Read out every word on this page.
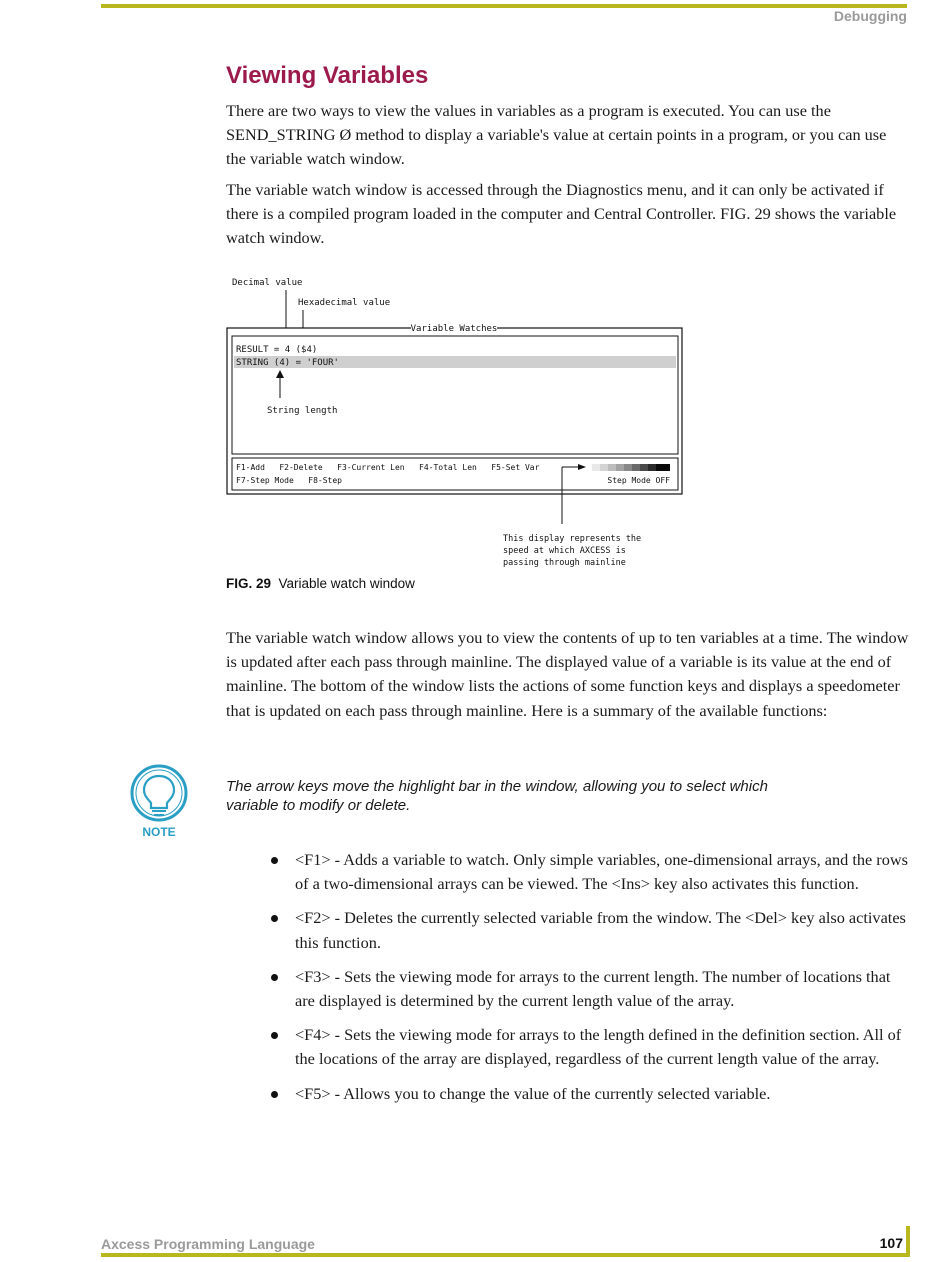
Debugging
Viewing Variables

There are two ways to view the values in variables as a program is executed. You can use the SEND_STRING Ø method to display a variable's value at certain points in a program, or you can use the variable watch window.

The variable watch window is accessed through the Diagnostics menu, and it can only be activated if there is a compiled program loaded in the computer and Central Controller. FIG. 29 shows the variable watch window.

Decimal value
Hexadecimal value
Variable Watches
RESULT = 4 ($4)
STRING (4) = 'FOUR'
String length
F1-Add   F2-Delete   F3-Current Len   F4-Total Len   F5-Set Var
F7-Step Mode   F8-Step	Step Mode OFF
This display represents the
speed at which AXCESS is
passing through mainline
FIG. 29 Variable watch window

The variable watch window allows you to view the contents of up to ten variables at a time. The window is updated after each pass through mainline. The displayed value of a variable is its value at the end of mainline. The bottom of the window lists the actions of some function keys and displays a speedometer that is updated on each pass through mainline. Here is a summary of the available functions:

NOTE

The arrow keys move the highlight bar in the window, allowing you to select which variable to modify or delete.

<F1> - Adds a variable to watch. Only simple variables, one-dimensional arrays, and the rows of a two-dimensional arrays can be viewed. The <Ins> key also activates this function.
<F2> - Deletes the currently selected variable from the window. The <Del> key also activates this function.
<F3> - Sets the viewing mode for arrays to the current length. The number of locations that are displayed is determined by the current length value of the array.
<F4> - Sets the viewing mode for arrays to the length defined in the definition section. All of the locations of the array are displayed, regardless of the current length value of the array.
<F5> - Allows you to change the value of the currently selected variable.
Axcess Programming Language	107
